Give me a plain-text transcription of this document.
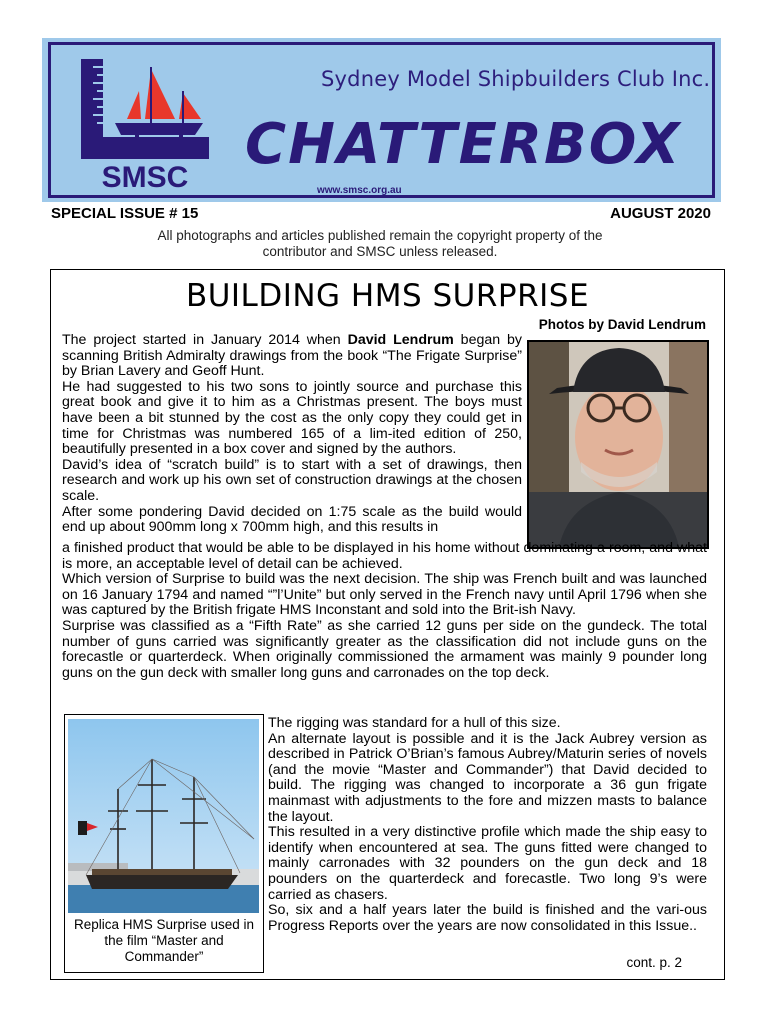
SMSC
Sydney Model Shipbuilders Club Inc.
CHATTERBOX
www.smsc.org.au
SPECIAL ISSUE # 15	AUGUST 2020
All photographs and articles published remain the copyright property of the
contributor and SMSC unless released.
BUILDING HMS SURPRISE
Photos by David Lendrum

The project started in January 2014 when David Lendrum began by scanning British Admiralty drawings from the book “The Frigate Surprise” by Brian Lavery and Geoff Hunt.

He had suggested to his two sons to jointly source and purchase this great book and give it to him as a Christmas present. The boys must have been a bit stunned by the cost as the only copy they could get in time for Christmas was numbered 165 of a lim-ited edition of 250, beautifully presented in a box cover and signed by the authors.

David’s idea of “scratch build” is to start with a set of drawings, then research and work up his own set of construction drawings at the chosen scale.

After some pondering David decided on 1:75 scale as the build would end up about 900mm long x 700mm high, and this results in

a finished product that would be able to be displayed in his home without dominating a room, and what is more, an acceptable level of detail can be achieved.

Which version of Surprise to build was the next decision. The ship was French built and was launched on 16 January 1794 and named “”l’Unite” but only served in the French navy until April 1796 when she was captured by the British frigate HMS Inconstant and sold into the Brit-ish Navy.

Surprise was classified as a “Fifth Rate” as she carried 12 guns per side on the gundeck. The total number of guns carried was significantly greater as the classification did not include guns on the forecastle or quarterdeck. When originally commissioned the armament was mainly 9 pounder long guns on the gun deck with smaller long guns and carronades on the top deck.

Replica HMS Surprise used in the film “Master and Commander”

The rigging was standard for a hull of this size.

An alternate layout is possible and it is the Jack Aubrey version as described in Patrick O’Brian’s famous Aubrey/Maturin series of novels (and the movie “Master and Commander”) that David decided to build. The rigging was changed to incorporate a 36 gun frigate mainmast with adjustments to the fore and mizzen masts to balance the layout.

This resulted in a very distinctive profile which made the ship easy to identify when encountered at sea. The guns fitted were changed to mainly carronades with 32 pounders on the gun deck and 18 pounders on the quarterdeck and forecastle. Two long 9’s were carried as chasers.

So, six and a half years later the build is finished and the vari-ous Progress Reports over the years are now consolidated in this Issue..

cont. p. 2
